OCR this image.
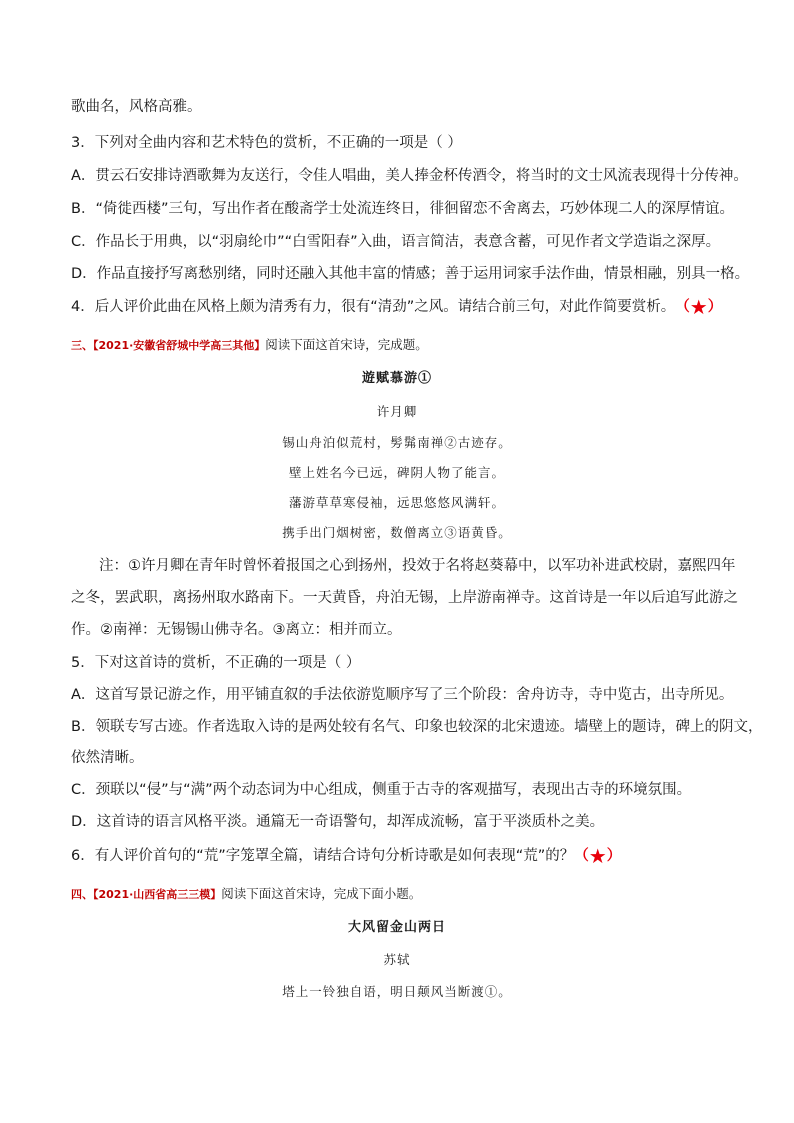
歌曲名，风格高雅。
3．下列对全曲内容和艺术特色的赏析，不正确的一项是（ ）
A．贯云石安排诗酒歌舞为友送行，令佳人唱曲，美人捧金杯传酒令，将当时的文士风流表现得十分传神。
B．“倚徙西楼”三句，写出作者在酸斋学士处流连终日，徘徊留恋不舍离去，巧妙体现二人的深厚情谊。
C．作品长于用典，以“羽扇纶巾”“白雪阳春”入曲，语言简洁，表意含蓄，可见作者文学造诣之深厚。
D．作品直接抒写离愁别绪，同时还融入其他丰富的情感；善于运用词家手法作曲，情景相融，别具一格。
4．后人评价此曲在风格上颇为清秀有力，很有“清劲”之风。请结合前三句，对此作简要赏析。 （ ★ ）
三、【2021·安徽省舒城中学高三其他】阅读下面这首宋诗，完成题。
遊赋慕游①
许月卿
锡山舟泊似荒村，髣髴南禅②古迹存。
壁上姓名今已远，碑阴人物了能言。
藩游草草寒侵袖，远思悠悠风满轩。
携手出门烟树密，数僧离立③语黄昏。
注：①许月卿在青年时曾怀着报国之心到扬州，投效于名将赵葵幕中，以军功补进武校尉，嘉熙四年
之冬，罢武职，离扬州取水路南下。一天黄昏，舟泊无锡，上岸游南禅寺。这首诗是一年以后追写此游之
作。②南禅：无锡锡山佛寺名。③离立：相并而立。
5．下对这首诗的赏析，不正确的一项是（ ）
A．这首写景记游之作，用平铺直叙的手法依游览顺序写了三个阶段：舍舟访寺，寺中览古，出寺所见。
B．领联专写古迹。作者选取入诗的是两处较有名气、印象也较深的北宋遗迹。墙壁上的题诗，碑上的阴文，
依然清晰。
C．颈联以“侵”与“满”两个动态词为中心组成，侧重于古寺的客观描写，表现出古寺的环境氛围。
D．这首诗的语言风格平淡。通篇无一奇语警句，却浑成流畅，富于平淡质朴之美。
6．有人评价首句的“荒”字笼罩全篇，请结合诗句分析诗歌是如何表现“荒”的？ （ ★ ）
四、【2021·山西省高三三模】阅读下面这首宋诗，完成下面小题。
大风留金山两日
苏轼
塔上一铃独自语，明日颠风当断渡①。
